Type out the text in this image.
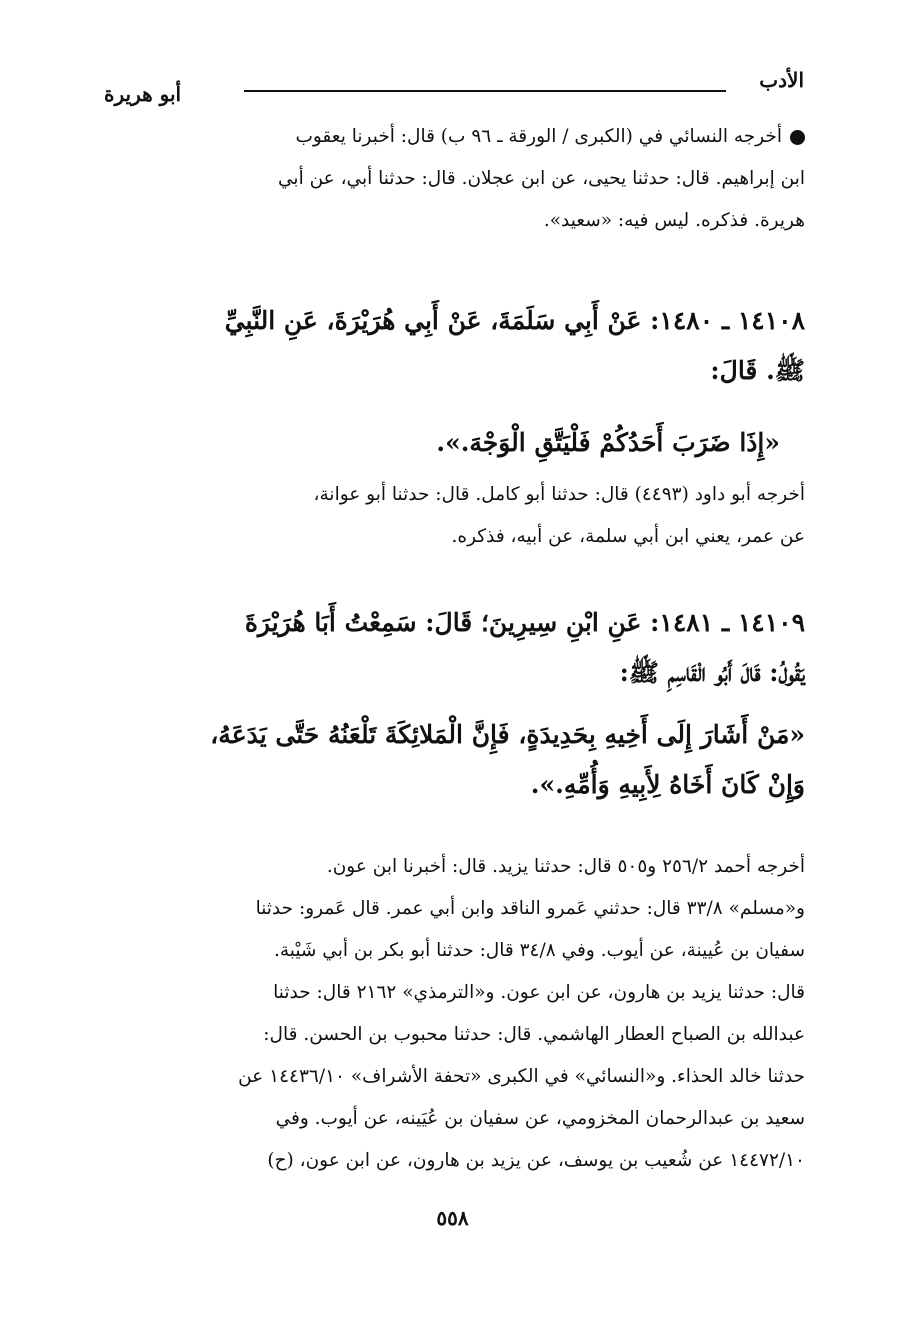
الأدب
أبو هريرة
أخرجه النسائي في (الكبرى / الورقة ـ ٩٦ ب) قال: أخبرنا يعقوب
ابن إبراهيم. قال: حدثنا يحيى، عن ابن عجلان. قال: حدثنا أبي، عن أبي
هريرة. فذكره. ليس فيه: «سعيد».
١٤١٠٨ ـ ١٤٨٠: عَنْ أَبِي سَلَمَةَ، عَنْ أَبِي هُرَيْرَةَ، عَنِ النَّبِيِّ
ﷺ. قَالَ:
«إِذَا ضَرَبَ أَحَدُكُمْ فَلْيَتَّقِ الْوَجْهَ.».
أخرجه أبو داود (٤٤٩٣) قال: حدثنا أبو كامل. قال: حدثنا أبو عوانة،
عن عمر، يعني ابن أبي سلمة، عن أبيه، فذكره.
١٤١٠٩ ـ ١٤٨١: عَنِ ابْنِ سِيرِينَ؛ قَالَ: سَمِعْتُ أَبَا هُرَيْرَةَ
يَقُولُ: قَالَ أَبُو الْقَاسِمِ ﷺ:
«مَنْ أَشَارَ إِلَى أَخِيهِ بِحَدِيدَةٍ، فَإِنَّ الْمَلائِكَةَ تَلْعَنُهُ حَتَّى يَدَعَهُ،
وَإِنْ كَانَ أَخَاهُ لِأَبِيهِ وَأُمِّهِ.».
أخرجه أحمد ٢٥٦/٢ و٥٠٥ قال: حدثنا يزيد. قال: أخبرنا ابن عون.
و«مسلم» ٣٣/٨ قال: حدثني عَمرو الناقد وابن أبي عمر. قال عَمرو: حدثنا
سفيان بن عُيينة، عن أيوب. وفي ٣٤/٨ قال: حدثنا أبو بكر بن أبي شَيْبة.
قال: حدثنا يزيد بن هارون، عن ابن عون. و«الترمذي» ٢١٦٢ قال: حدثنا
عبدالله بن الصباح العطار الهاشمي. قال: حدثنا محبوب بن الحسن. قال:
حدثنا خالد الحذاء. و«النسائي» في الكبرى «تحفة الأشراف» ١٤٤٣٦/١٠ عن
سعيد بن عبدالرحمان المخزومي، عن سفيان بن عُيَينه، عن أيوب. وفي
١٤٤٧٢/١٠ عن شُعيب بن يوسف، عن يزيد بن هارون، عن ابن عون، (ح)
٥٥٨
